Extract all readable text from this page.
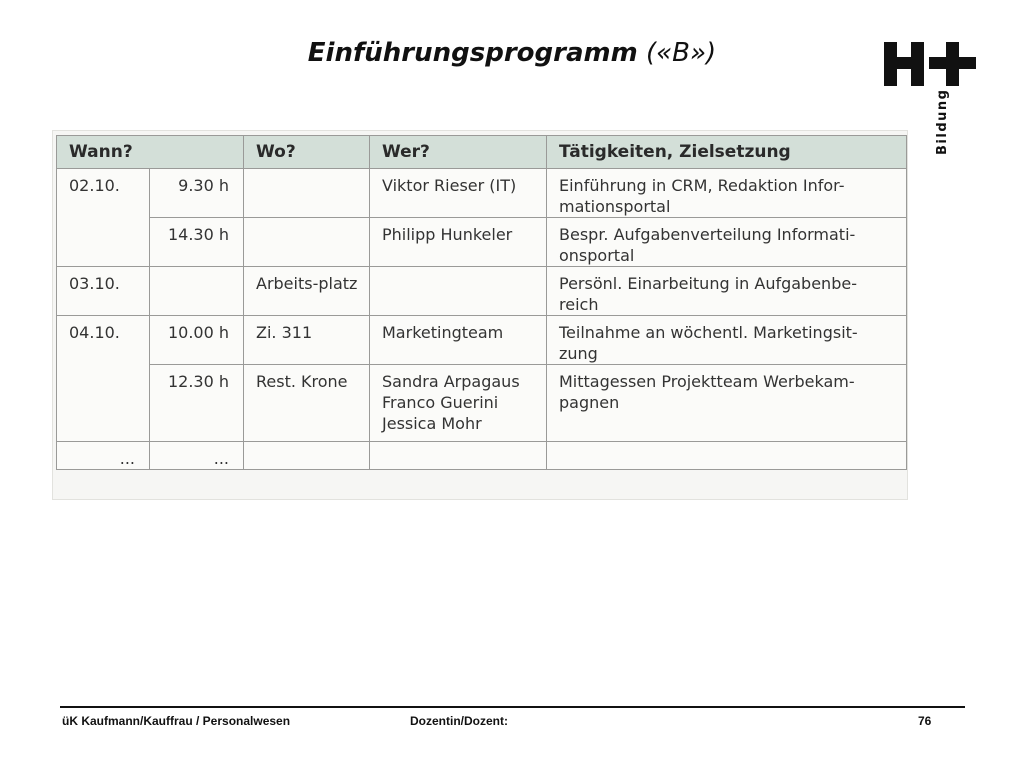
Einführungsprogramm («B»)
Bildung
Wann?		Wo?	Wer?	Tätigkeiten, Zielsetzung
02.10.	9.30 h		Viktor Rieser (IT)	Einführung in CRM, Redaktion Infor-mationsportal
	14.30 h		Philipp Hunkeler	Bespr. Aufgabenverteilung Informati-onsportal
03.10.		Arbeits-platz		Persönl. Einarbeitung in Aufgabenbe-reich
04.10.	10.00 h	Zi. 311	Marketingteam	Teilnahme an wöchentl. Marketingsit-zung
	12.30 h	Rest. Krone	Sandra Arpagaus Franco Guerini Jessica Mohr	Mittagessen Projektteam Werbekam-pagnen
...	...			
üK Kaufmann/Kauffrau / Personalwesen	Dozentin/Dozent:	76
